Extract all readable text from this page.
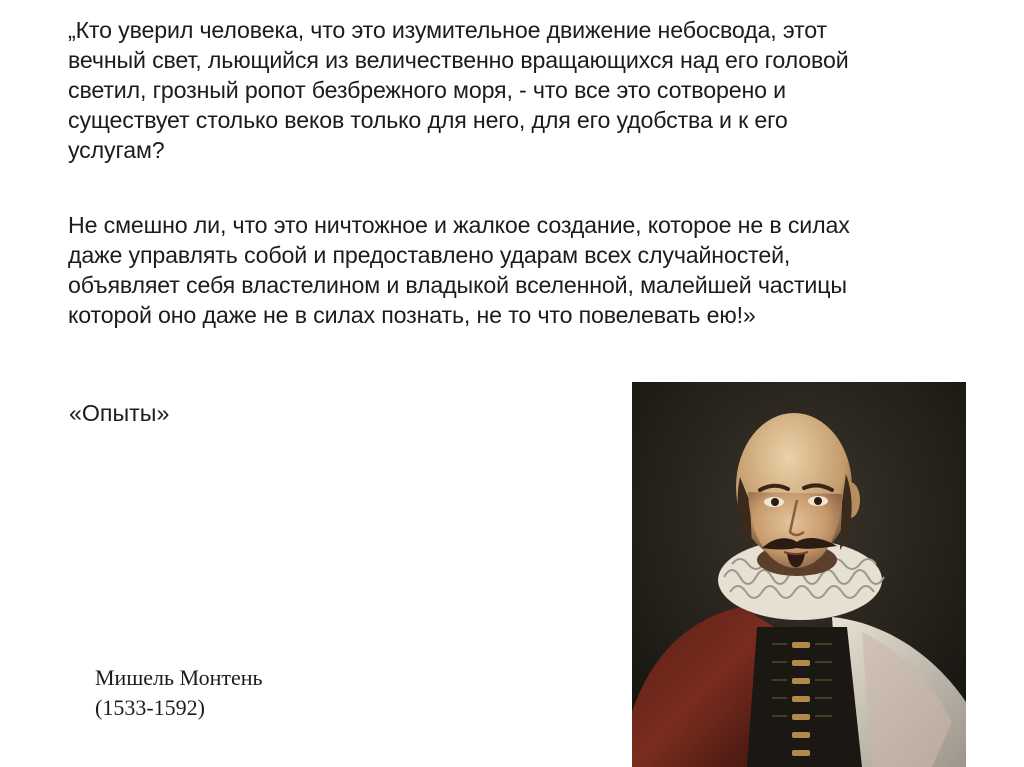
„Кто уверил человека, что это изумительное движение небосвода, этот

вечный свет, льющийся из величественно вращающихся над его головой

светил, грозный ропот безбрежного моря, - что все это сотворено и

существует столько веков только для него, для его удобства и к его

услугам?

Не смешно ли, что это ничтожное и жалкое создание, которое не в силах

даже управлять собой и предоставлено ударам всех случайностей,

объявляет себя властелином и владыкой вселенной, малейшей частицы

которой оно даже не в силах познать, не то что повелевать ею!»

«Опыты»
Мишель Монтень
(1533-1592)
